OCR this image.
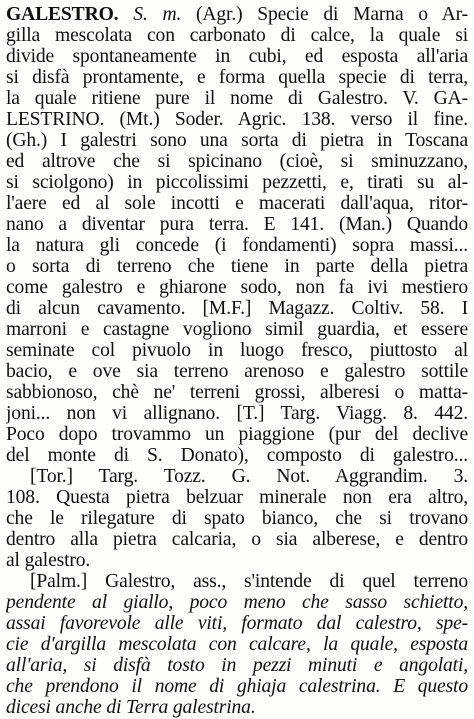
GALESTRO. S. m. (Agr.) Specie di Marna o Ar-
gilla mescolata con carbonato di calce, la quale si
divide spontaneamente in cubi, ed esposta all'aria
si disfà prontamente, e forma quella specie di terra,
la quale ritiene pure il nome di Galestro. V. GA-
LESTRINO. (Mt.) Soder. Agric. 138. verso il fine.
(Gh.) I galestri sono una sorta di pietra in Toscana
ed altrove che si spicinano (cioè, si sminuzzano,
si sciolgono) in piccolissimi pezzetti, e, tirati su al-
l'aere ed al sole incotti e macerati dall'aqua, ritor-
nano a diventar pura terra. E 141. (Man.) Quando
la natura gli concede (i fondamenti) sopra massi...
o sorta di terreno che tiene in parte della pietra
come galestro e ghiarone sodo, non fa ivi mestiero
di alcun cavamento. [M.F.] Magazz. Coltiv. 58. I
marroni e castagne vogliono simil guardia, et essere
seminate col pivuolo in luogo fresco, piuttosto al
bacio, e ove sia terreno arenoso e galestro sottile
sabbionoso, chè ne' terreni grossi, alberesi o matta-
joni... non vi allignano. [T.] Targ. Viagg. 8. 442.
Poco dopo trovammo un piaggione (pur del declive
del monte di S. Donato), composto di galestro...
[Tor.] Targ. Tozz. G. Not. Aggrandim. 3.
108. Questa pietra belzuar minerale non era altro,
che le rilegature di spato bianco, che si trovano
dentro alla pietra calcaria, o sia alberese, e dentro
al galestro.
[Palm.] Galestro, ass., s'intende di quel terreno
pendente al giallo, poco meno che sasso schietto,
assai favorevole alle viti, formato dal calestro, spe-
cie d'argilla mescolata con calcare, la quale, esposta
all'aria, si disfà tosto in pezzi minuti e angolati,
che prendono il nome di ghiaja calestrina. E questo
dicesi anche di Terra galestrina.
